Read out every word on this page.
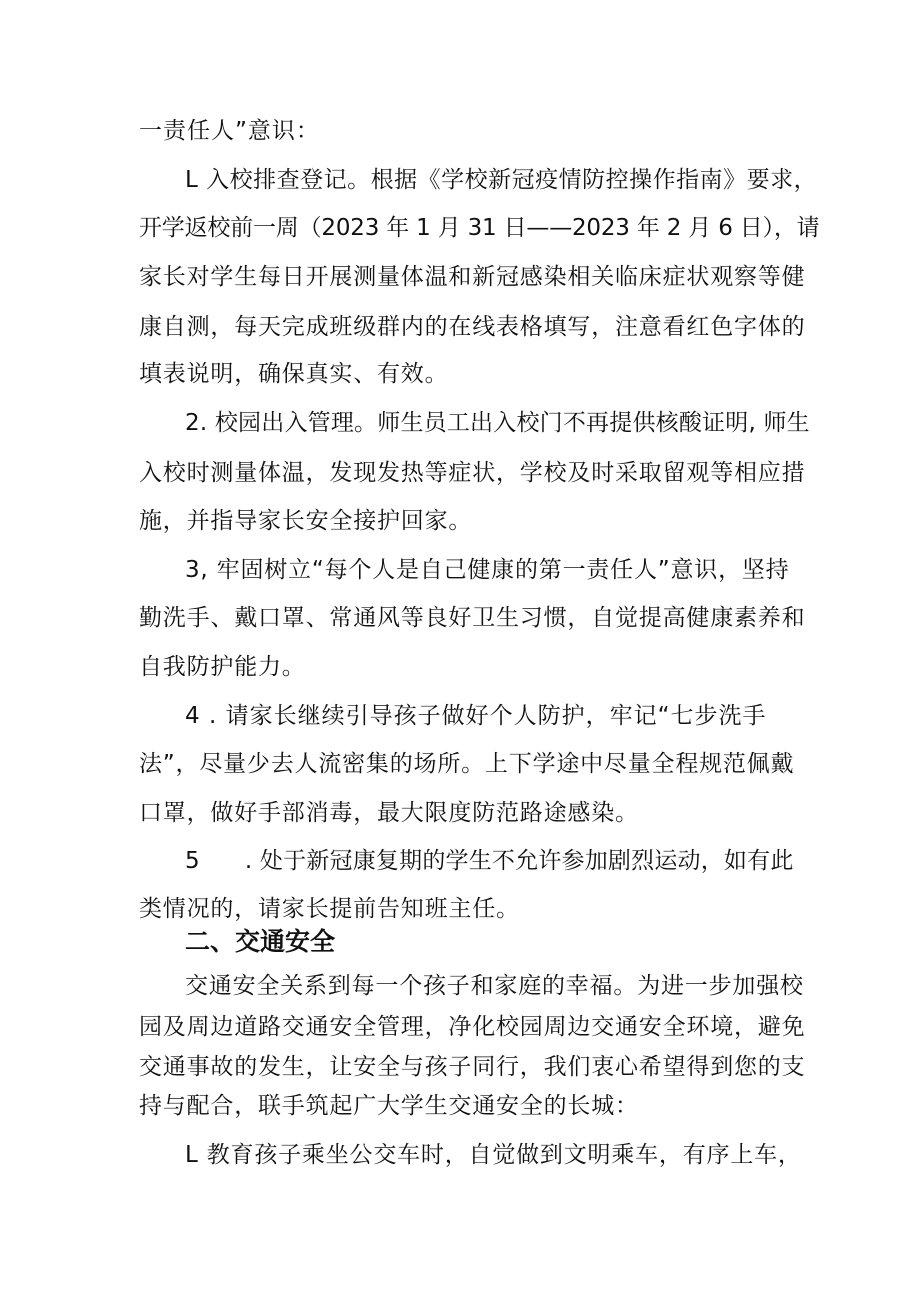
一责任人”意识：
L 入校排查登记。根据《学校新冠疫情防控操作指南》要求，
开学返校前一周（2023 年 1 月 31 日——2023 年 2 月 6 日），请
家长对学生每日开展测量体温和新冠感染相关临床症状观察等健
康自测，每天完成班级群内的在线表格填写，注意看红色字体的
填表说明，确保真实、有效。
2. 校园出入管理。师生员工出入校门不再提供核酸证明, 师生
入校时测量体温，发现发热等症状，学校及时采取留观等相应措
施，并指导家长安全接护回家。
3, 牢固树立“每个人是自己健康的第一责任人”意识，坚持
勤洗手、戴口罩、常通风等良好卫生习惯，自觉提高健康素养和
自我防护能力。
4 . 请家长继续引导孩子做好个人防护，牢记“七步洗手
法”，尽量少去人流密集的场所。上下学途中尽量全程规范佩戴
口罩，做好手部消毒，最大限度防范路途感染。
5      . 处于新冠康复期的学生不允许参加剧烈运动，如有此
类情况的，请家长提前告知班主任。
二、交通安全
交通安全关系到每一个孩子和家庭的幸福。为进一步加强校
园及周边道路交通安全管理，净化校园周边交通安全环境，避免
交通事故的发生，让安全与孩子同行，我们衷心希望得到您的支
持与配合，联手筑起广大学生交通安全的长城：
L 教育孩子乘坐公交车时，自觉做到文明乘车，有序上车，
